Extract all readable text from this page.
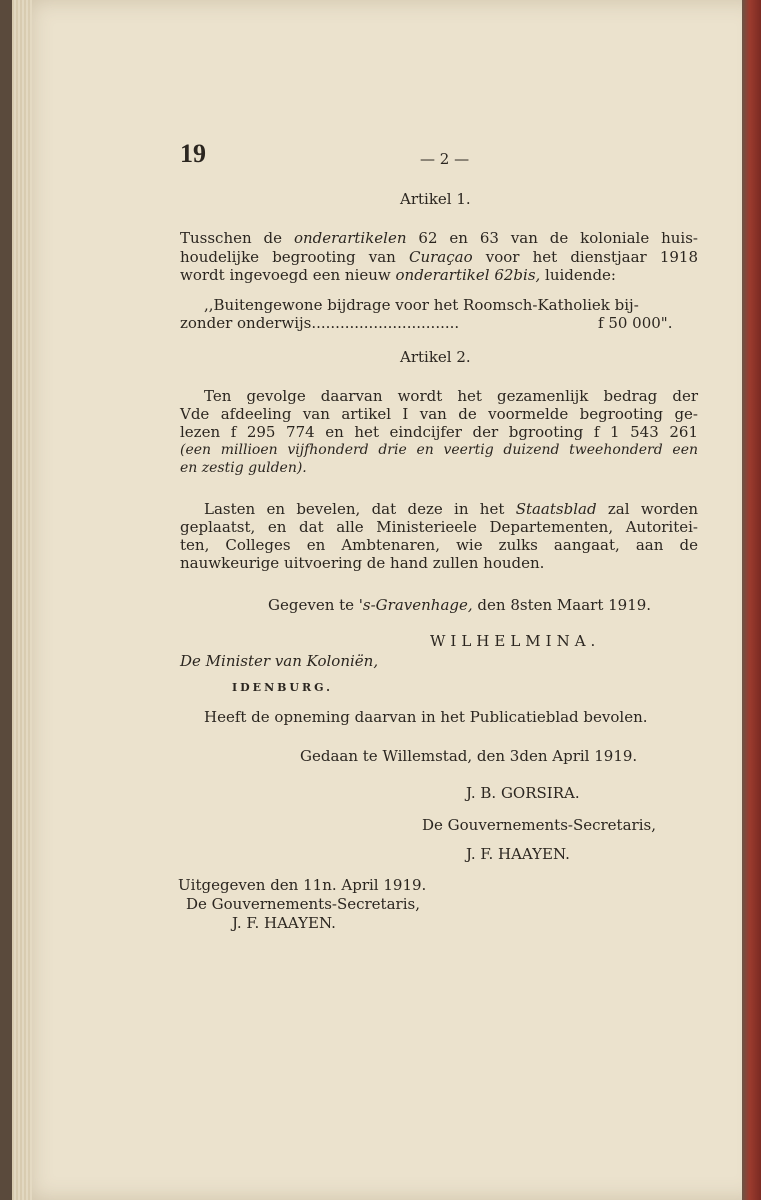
19	— 2 —
Artikel 1.
Tusschen de onderartikelen 62 en 63 van de koloniale huis-
houdelijke begrooting van Curaçao voor het dienstjaar 1918
wordt ingevoegd een nieuw onderartikel 62bis, luidende:
,,Buitengewone bijdrage voor het Roomsch-Katholiek bij-
zonder onderwijs...............................	f 50 000".
Artikel 2.
Ten gevolge daarvan wordt het gezamenlijk bedrag der
Vde afdeeling van artikel I van de voormelde begrooting ge-
lezen f 295 774 en het eindcijfer der bgrooting f 1 543 261
(een millioen vijfhonderd drie en veertig duizend tweehonderd een
en zestig gulden).
Lasten en bevelen, dat deze in het Staatsblad zal worden
geplaatst, en dat alle Ministerieele Departementen, Autoritei-
ten, Colleges en Ambtenaren, wie zulks aangaat, aan de
nauwkeurige uitvoering de hand zullen houden.
Gegeven te 's-Gravenhage, den 8sten Maart 1919.
WILHELMINA.
De Minister van Koloniën,
IDENBURG.
Heeft de opneming daarvan in het Publicatieblad bevolen.
Gedaan te Willemstad, den 3den April 1919.
J. B. GORSIRA.
De Gouvernements-Secretaris,
J. F. HAAYEN.
Uitgegeven den 11n. April 1919.
De Gouvernements-Secretaris,
J. F. HAAYEN.
